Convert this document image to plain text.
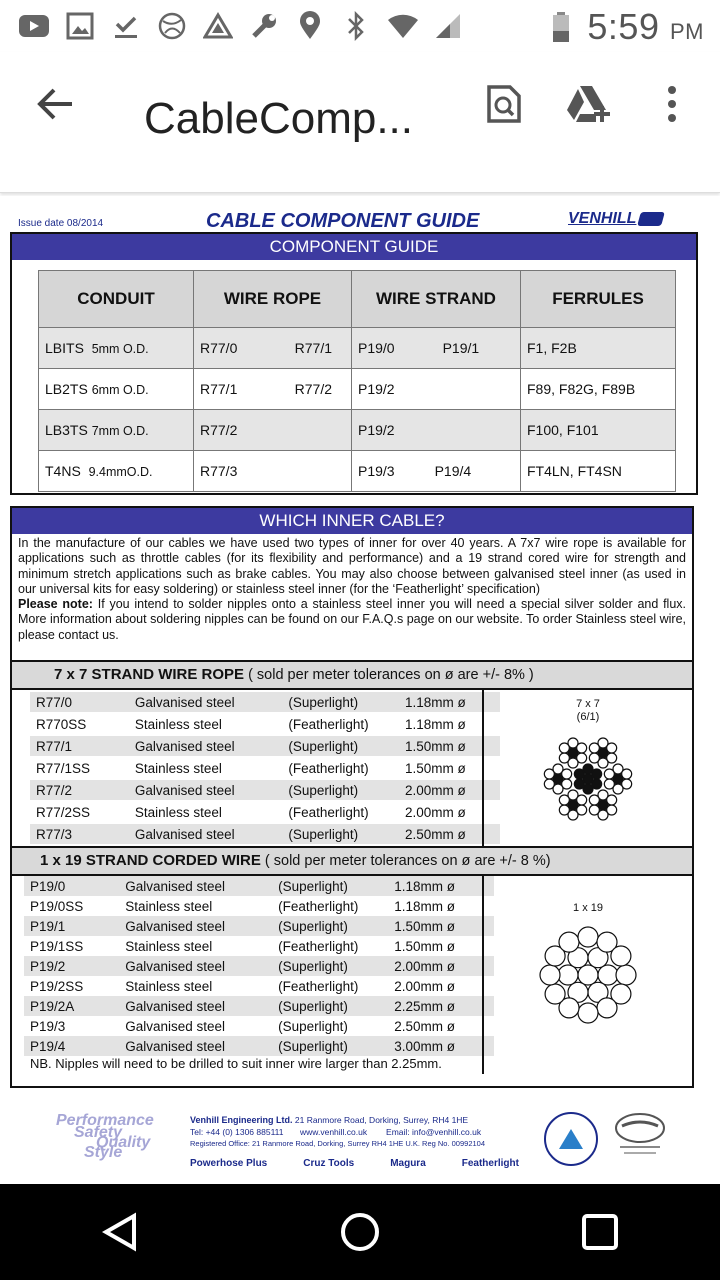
5:59 PM
CableComp...
Issue date 08/2014	CABLE COMPONENT GUIDE	VENHILL
COMPONENT GUIDE
CONDUIT	WIRE ROPE	WIRE STRAND	FERRULES
LBITS 5mm O.D.	R77/0 R77/1	P19/0 P19/1	F1, F2B
LB2TS 6mm O.D.	R77/1 R77/2	P19/2	F89, F82G, F89B
LB3TS 7mm O.D.	R77/2	P19/2	F100, F101
T4NS 9.4mmO.D.	R77/3	P19/3 P19/4	FT4LN, FT4SN
WHICH INNER CABLE?
In the manufacture of our cables we have used two types of inner for over 40 years. A 7x7 wire rope is available for applications such as throttle cables (for its flexibility and performance) and a 19 strand cored wire for strength and minimum stretch applications such as brake cables. You may also choose between galvanised steel inner (as used in our universal kits for easy soldering) or stainless steel inner (for the ‘Featherlight’ specification)
Please note: If you intend to solder nipples onto a stainless steel inner you will need a special silver solder and flux. More information about soldering nipples can be found on our F.A.Q.s page on our website. To order Stainless steel wire, please contact us.
7 x 7 STRAND WIRE ROPE ( sold per meter tolerances on ø are +/- 8% )
R77/0	Galvanised steel	(Superlight)	1.18mm ø
R770SS	Stainless steel	(Featherlight)	1.18mm ø
R77/1	Galvanised steel	(Superlight)	1.50mm ø
R77/1SS	Stainless steel	(Featherlight)	1.50mm ø
R77/2	Galvanised steel	(Superlight)	2.00mm ø
R77/2SS	Stainless steel	(Featherlight)	2.00mm ø
R77/3	Galvanised steel	(Superlight)	2.50mm ø
7 x 7
(6/1)
1 x 19 STRAND CORDED WIRE ( sold per meter tolerances on ø are +/- 8 %)
P19/0	Galvanised steel	(Superlight)	1.18mm ø
P19/0SS	Stainless steel	(Featherlight)	1.18mm ø
P19/1	Galvanised steel	(Superlight)	1.50mm ø
P19/1SS	Stainless steel	(Featherlight)	1.50mm ø
P19/2	Galvanised steel	(Superlight)	2.00mm ø
P19/2SS	Stainless steel	(Featherlight)	2.00mm ø
P19/2A	Galvanised steel	(Superlight)	2.25mm ø
P19/3	Galvanised steel	(Superlight)	2.50mm ø
P19/4	Galvanised steel	(Superlight)	3.00mm ø
NB. Nipples will need to be drilled to suit inner wire larger than 2.25mm.
1 x 19
Performance
Safety
Quality
Style
Venhill Engineering Ltd. 21 Ranmore Road, Dorking, Surrey, RH4 1HE
Tel: +44 (0) 1306 885111 www.venhill.co.uk Email: info@venhill.co.uk
Registered Office: 21 Ranmore Road, Dorking, Surrey RH4 1HE U.K. Reg No. 00992104
Powerhose Plus	Cruz Tools	Magura	Featherlight
